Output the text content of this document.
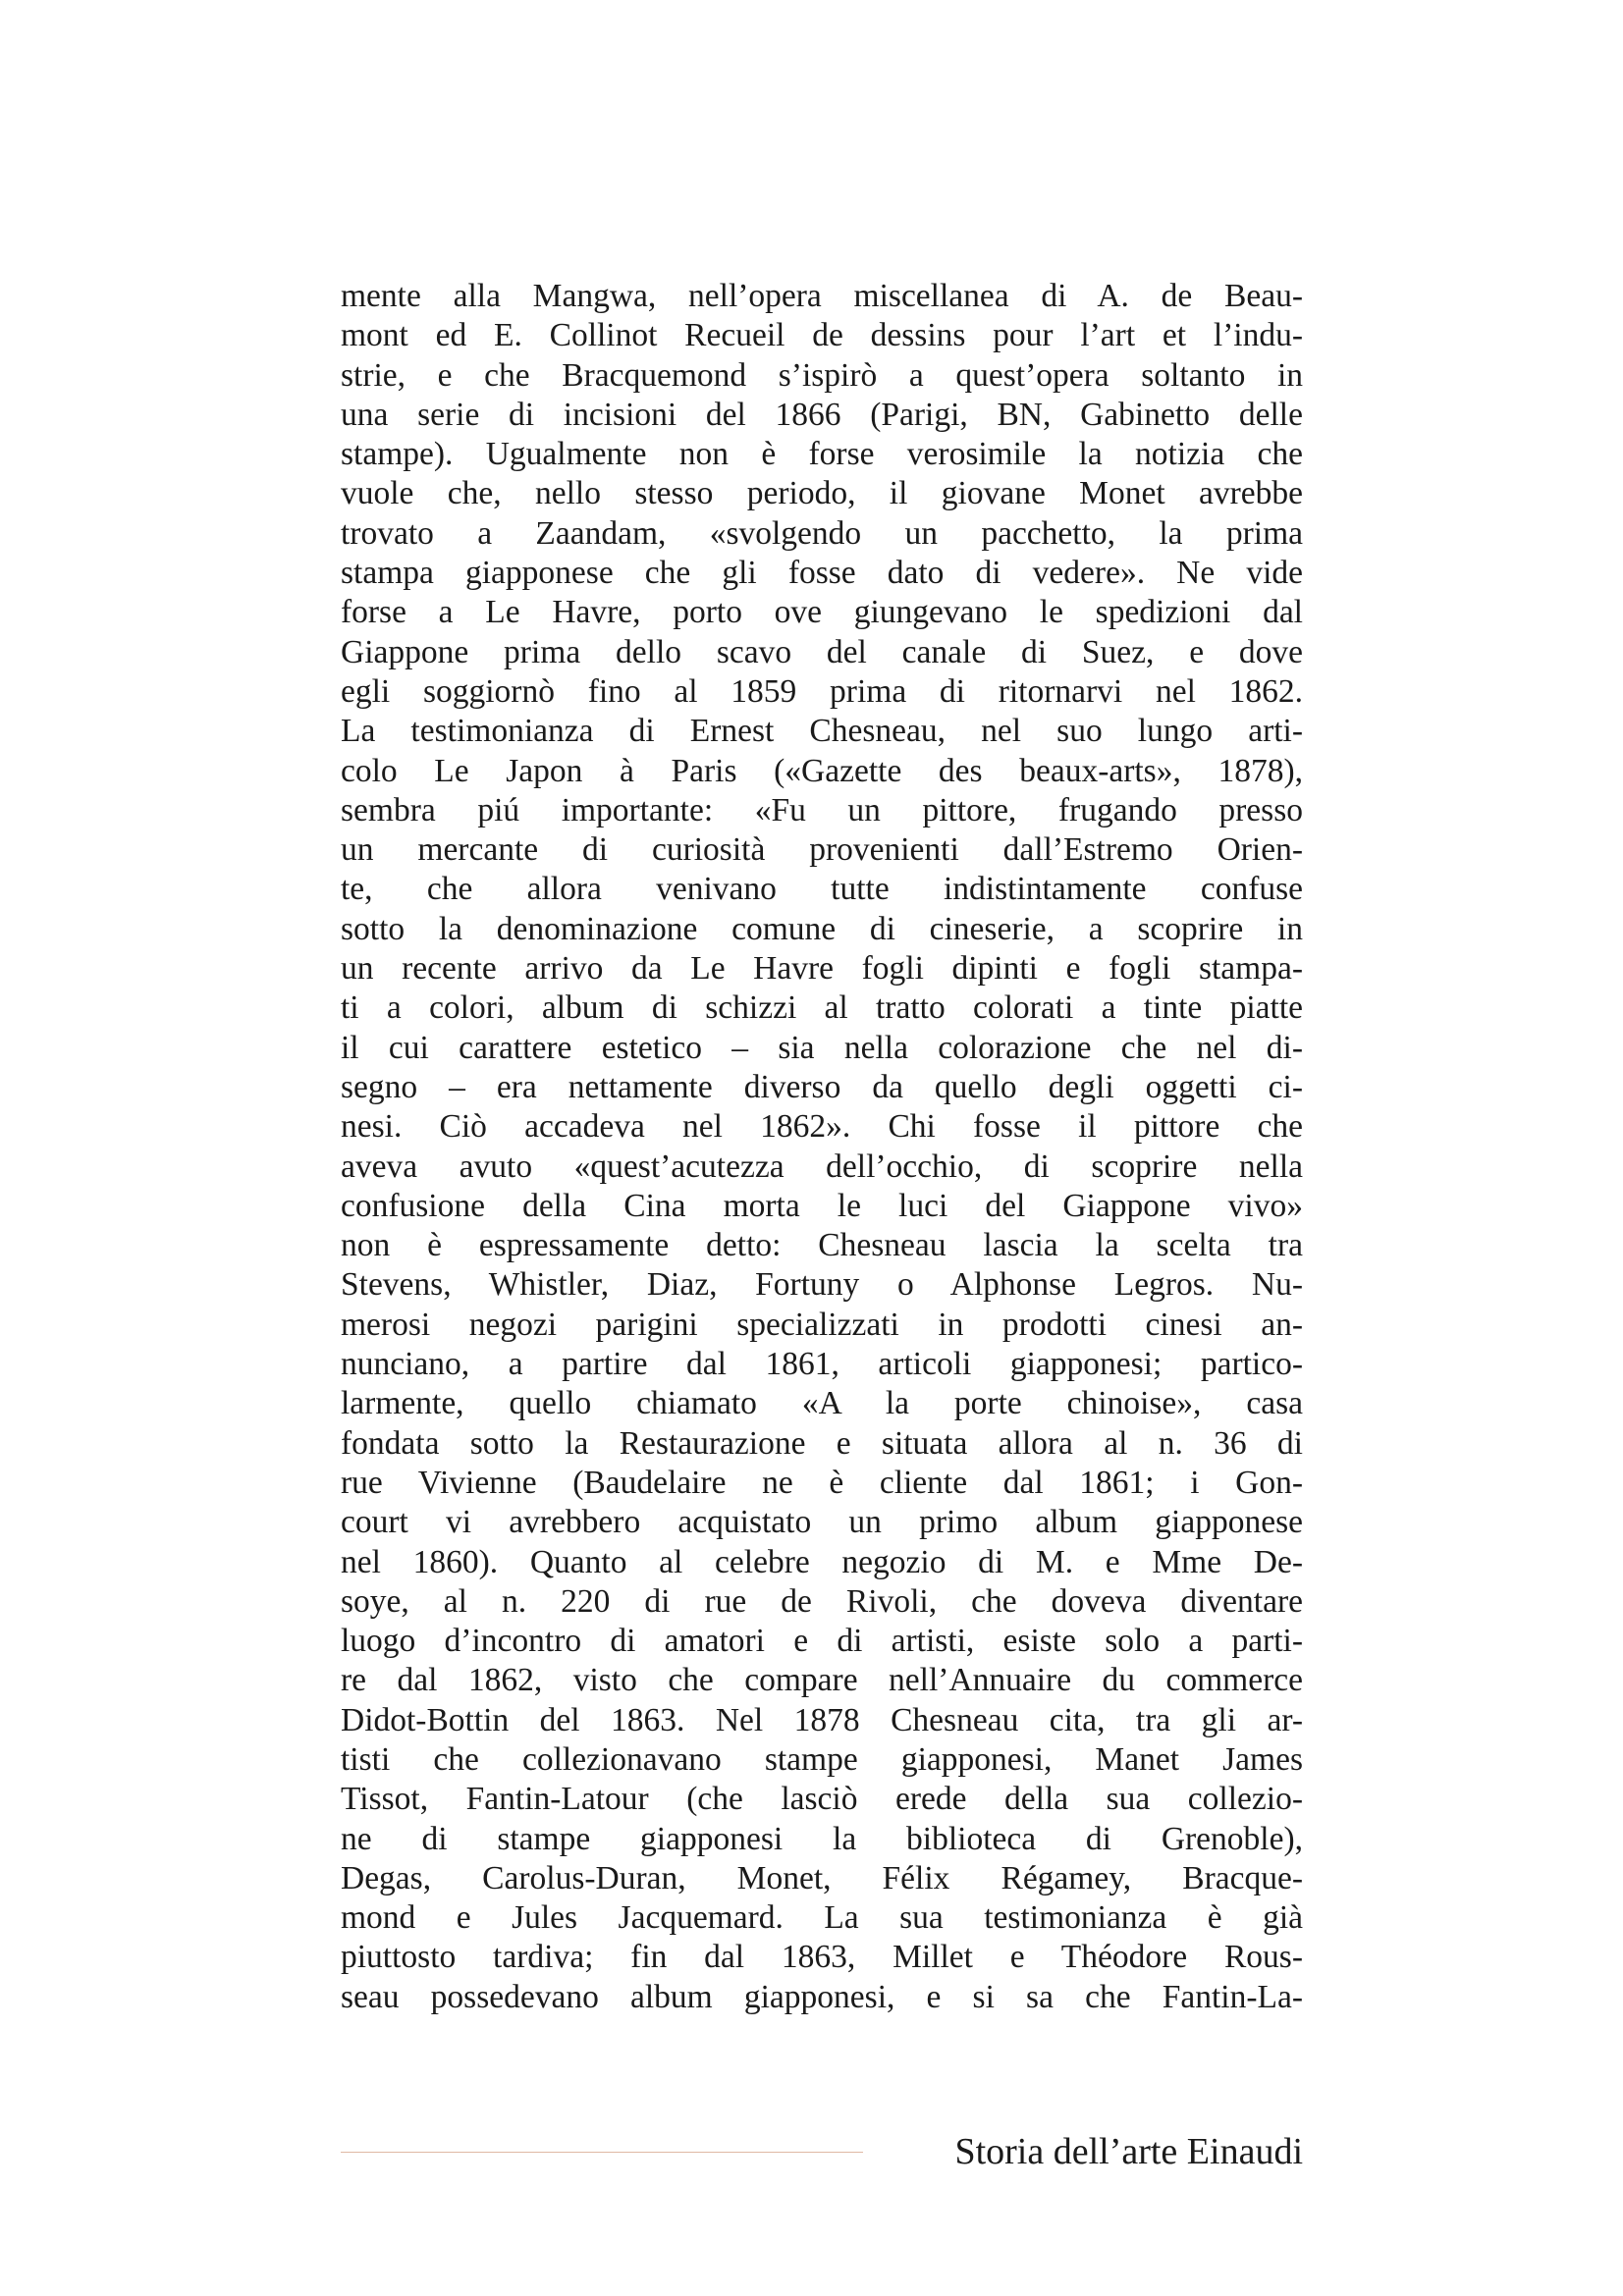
mente alla Mangwa, nell’opera miscellanea di A. de Beau-
mont ed E. Collinot Recueil de dessins pour l’art et l’indu-
strie, e che Bracquemond s’ispirò a quest’opera soltanto in
una serie di incisioni del 1866 (Parigi, BN, Gabinetto delle
stampe). Ugualmente non è forse verosimile la notizia che
vuole che, nello stesso periodo, il giovane Monet avrebbe
trovato a Zaandam, «svolgendo un pacchetto, la prima
stampa giapponese che gli fosse dato di vedere». Ne vide
forse a Le Havre, porto ove giungevano le spedizioni dal
Giappone prima dello scavo del canale di Suez, e dove
egli soggiornò fino al 1859 prima di ritornarvi nel 1862.
La testimonianza di Ernest Chesneau, nel suo lungo arti-
colo Le Japon à Paris («Gazette des beaux-arts», 1878),
sembra piú importante: «Fu un pittore, frugando presso
un mercante di curiosità provenienti dall’Estremo Orien-
te, che allora venivano tutte indistintamente confuse
sotto la denominazione comune di cineserie, a scoprire in
un recente arrivo da Le Havre fogli dipinti e fogli stampa-
ti a colori, album di schizzi al tratto colorati a tinte piatte
il cui carattere estetico – sia nella colorazione che nel di-
segno – era nettamente diverso da quello degli oggetti ci-
nesi. Ciò accadeva nel 1862». Chi fosse il pittore che
aveva avuto «quest’acutezza dell’occhio, di scoprire nella
confusione della Cina morta le luci del Giappone vivo»
non è espressamente detto: Chesneau lascia la scelta tra
Stevens, Whistler, Diaz, Fortuny o Alphonse Legros. Nu-
merosi negozi parigini specializzati in prodotti cinesi an-
nunciano, a partire dal 1861, articoli giapponesi; partico-
larmente, quello chiamato «A la porte chinoise», casa
fondata sotto la Restaurazione e situata allora al n. 36 di
rue Vivienne (Baudelaire ne è cliente dal 1861; i Gon-
court vi avrebbero acquistato un primo album giapponese
nel 1860). Quanto al celebre negozio di M. e Mme De-
soye, al n. 220 di rue de Rivoli, che doveva diventare
luogo d’incontro di amatori e di artisti, esiste solo a parti-
re dal 1862, visto che compare nell’Annuaire du commerce
Didot-Bottin del 1863. Nel 1878 Chesneau cita, tra gli ar-
tisti che collezionavano stampe giapponesi, Manet James
Tissot, Fantin-Latour (che lasciò erede della sua collezio-
ne di stampe giapponesi la biblioteca di Grenoble),
Degas, Carolus-Duran, Monet, Félix Régamey, Bracque-
mond e Jules Jacquemard. La sua testimonianza è già
piuttosto tardiva; fin dal 1863, Millet e Théodore Rous-
seau possedevano album giapponesi, e si sa che Fantin-La-
Storia dell’arte Einaudi
